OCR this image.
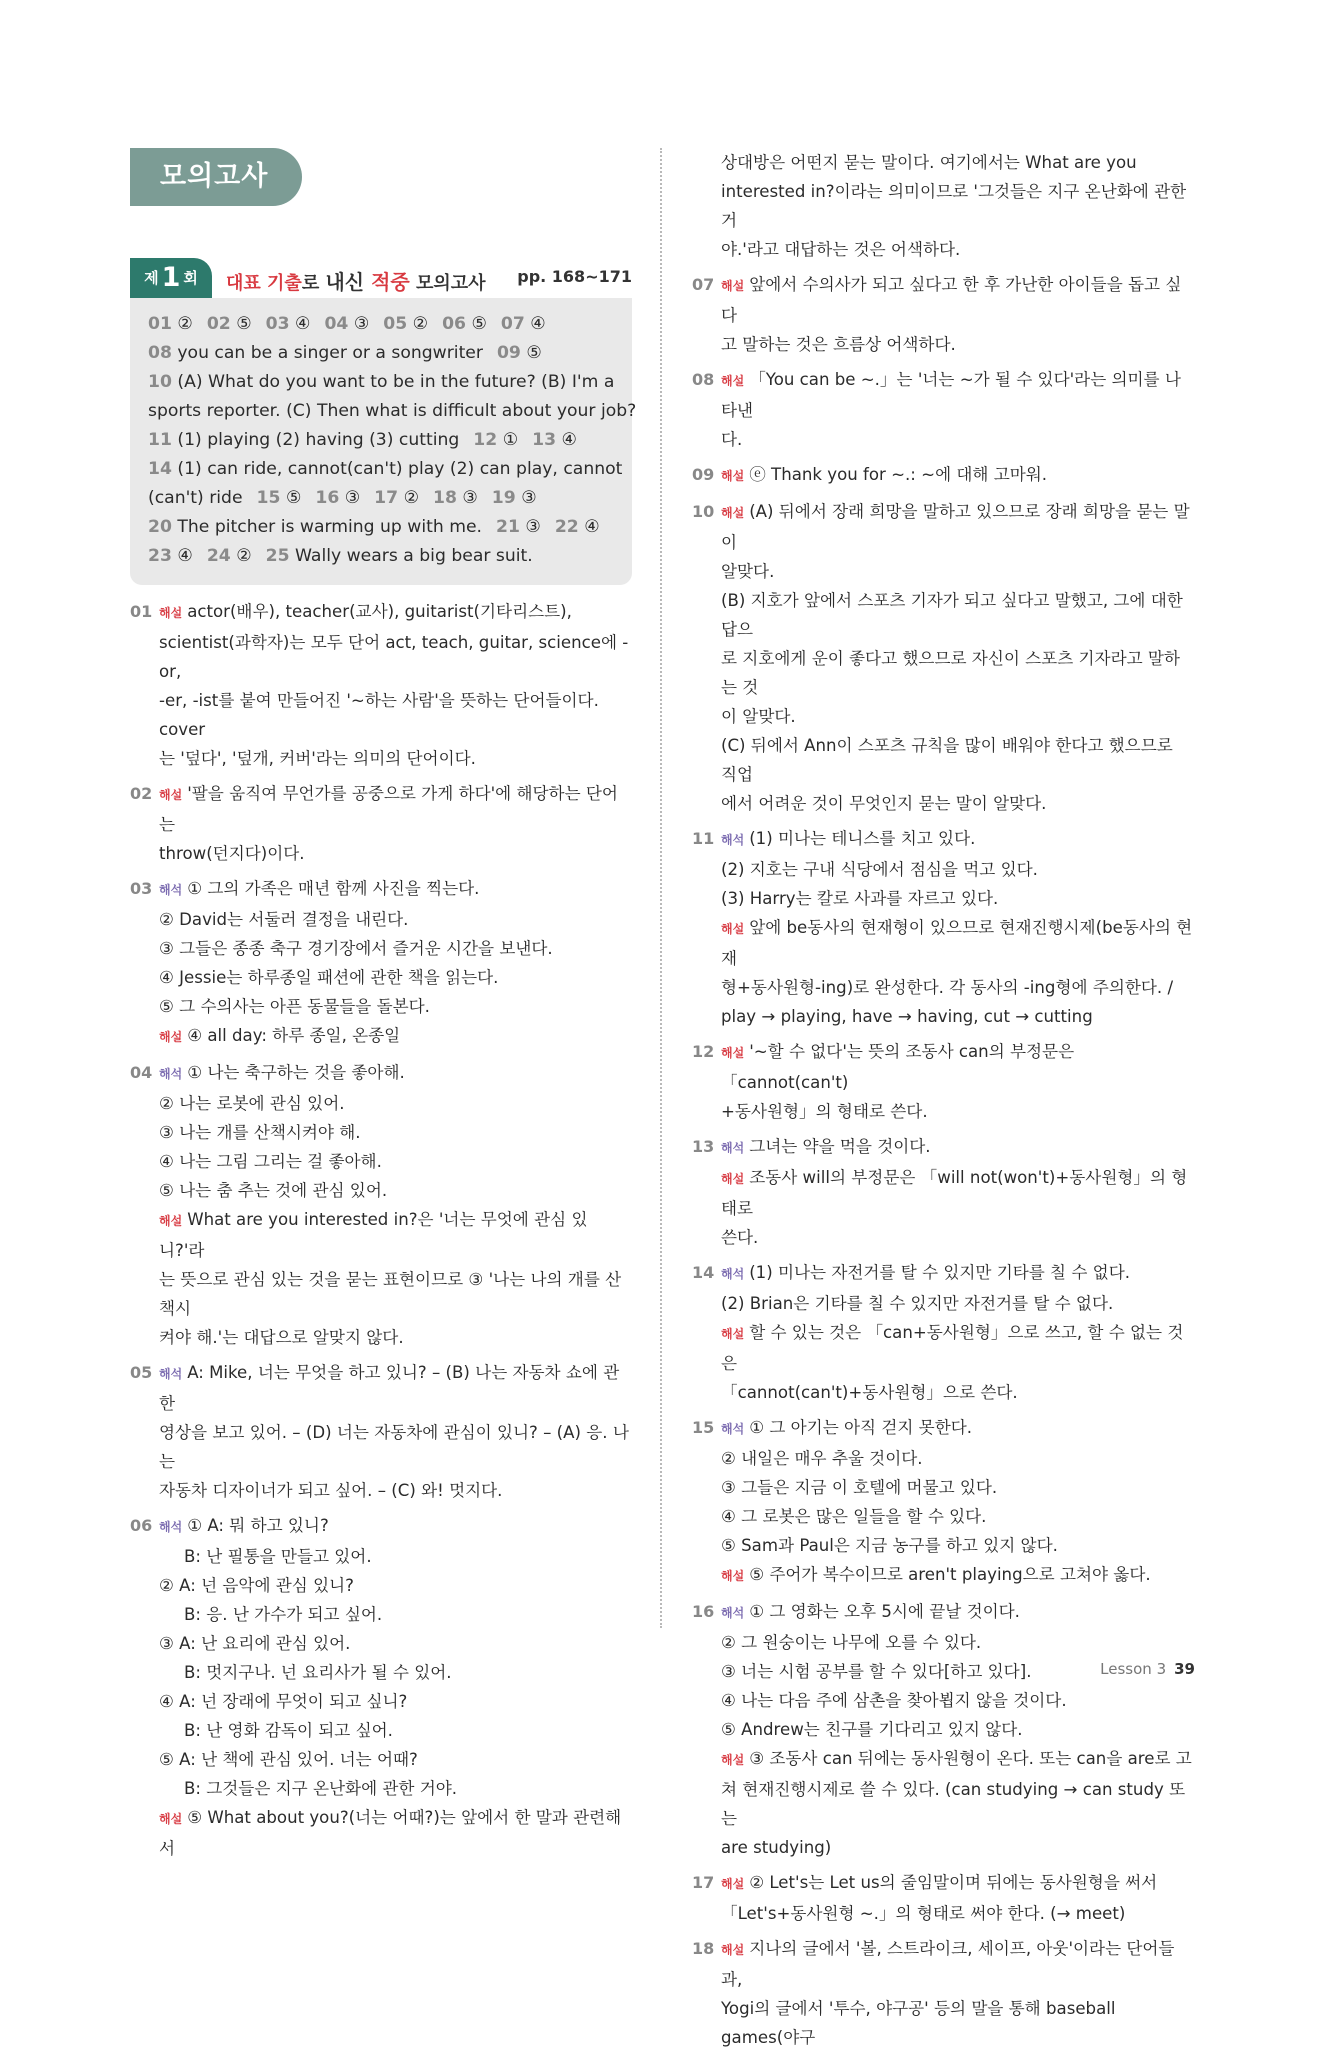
모의고사
제 1 회	대표 기출로 내신 적중 모의고사 pp. 168~171
01 ② 02 ⑤ 03 ④ 04 ③ 05 ② 06 ⑤ 07 ④
08 you can be a singer or a songwriter 09 ⑤
10 (A) What do you want to be in the future? (B) I'm a
sports reporter. (C) Then what is difficult about your job?
11 (1) playing (2) having (3) cutting 12 ① 13 ④
14 (1) can ride, cannot(can't) play (2) can play, cannot
(can't) ride 15 ⑤ 16 ③ 17 ② 18 ③ 19 ③
20 The pitcher is warming up with me. 21 ③ 22 ④
23 ④ 24 ② 25 Wally wears a big bear suit.
01 해설 actor(배우), teacher(교사), guitarist(기타리스트),
scientist(과학자)는 모두 단어 act, teach, guitar, science에 -or,
-er, -ist를 붙여 만들어진 '~하는 사람'을 뜻하는 단어들이다. cover
는 '덮다', '덮개, 커버'라는 의미의 단어이다.
02 해설 '팔을 움직여 무언가를 공중으로 가게 하다'에 해당하는 단어는
throw(던지다)이다.
03 해석 ① 그의 가족은 매년 함께 사진을 찍는다.
② David는 서둘러 결정을 내린다.
③ 그들은 종종 축구 경기장에서 즐거운 시간을 보낸다.
④ Jessie는 하루종일 패션에 관한 책을 읽는다.
⑤ 그 수의사는 아픈 동물들을 돌본다.
해설 ④ all day: 하루 종일, 온종일
04 해석 ① 나는 축구하는 것을 좋아해.
② 나는 로봇에 관심 있어.
③ 나는 개를 산책시켜야 해.
④ 나는 그림 그리는 걸 좋아해.
⑤ 나는 춤 추는 것에 관심 있어.
해설 What are you interested in?은 '너는 무엇에 관심 있니?'라
는 뜻으로 관심 있는 것을 묻는 표현이므로 ③ '나는 나의 개를 산책시
켜야 해.'는 대답으로 알맞지 않다.
05 해석 A: Mike, 너는 무엇을 하고 있니? – (B) 나는 자동차 쇼에 관한
영상을 보고 있어. – (D) 너는 자동차에 관심이 있니? – (A) 응. 나는
자동차 디자이너가 되고 싶어. – (C) 와! 멋지다.
06 해석 ① A: 뭐 하고 있니?
B: 난 필통을 만들고 있어.
② A: 넌 음악에 관심 있니?
B: 응. 난 가수가 되고 싶어.
③ A: 난 요리에 관심 있어.
B: 멋지구나. 넌 요리사가 될 수 있어.
④ A: 넌 장래에 무엇이 되고 싶니?
B: 난 영화 감독이 되고 싶어.
⑤ A: 난 책에 관심 있어. 너는 어때?
B: 그것들은 지구 온난화에 관한 거야.
해설 ⑤ What about you?(너는 어때?)는 앞에서 한 말과 관련해서
상대방은 어떤지 묻는 말이다. 여기에서는 What are you
interested in?이라는 의미이므로 '그것들은 지구 온난화에 관한 거
야.'라고 대답하는 것은 어색하다.
07 해설 앞에서 수의사가 되고 싶다고 한 후 가난한 아이들을 돕고 싶다
고 말하는 것은 흐름상 어색하다.
08 해설 「You can be ~.」는 '너는 ~가 될 수 있다'라는 의미를 나타낸
다.
09 해설 ⓔ Thank you for ~.: ~에 대해 고마워.
10 해설 (A) 뒤에서 장래 희망을 말하고 있으므로 장래 희망을 묻는 말이
알맞다.
(B) 지호가 앞에서 스포츠 기자가 되고 싶다고 말했고, 그에 대한 답으
로 지호에게 운이 좋다고 했으므로 자신이 스포츠 기자라고 말하는 것
이 알맞다.
(C) 뒤에서 Ann이 스포츠 규칙을 많이 배워야 한다고 했으므로 직업
에서 어려운 것이 무엇인지 묻는 말이 알맞다.
11 해석 (1) 미나는 테니스를 치고 있다.
(2) 지호는 구내 식당에서 점심을 먹고 있다.
(3) Harry는 칼로 사과를 자르고 있다.
해설 앞에 be동사의 현재형이 있으므로 현재진행시제(be동사의 현재
형+동사원형-ing)로 완성한다. 각 동사의 -ing형에 주의한다. /
play → playing, have → having, cut → cutting
12 해설 '~할 수 없다'는 뜻의 조동사 can의 부정문은 「cannot(can't)
+동사원형」의 형태로 쓴다.
13 해석 그녀는 약을 먹을 것이다.
해설 조동사 will의 부정문은 「will not(won't)+동사원형」의 형태로
쓴다.
14 해석 (1) 미나는 자전거를 탈 수 있지만 기타를 칠 수 없다.
(2) Brian은 기타를 칠 수 있지만 자전거를 탈 수 없다.
해설 할 수 있는 것은 「can+동사원형」으로 쓰고, 할 수 없는 것은
「cannot(can't)+동사원형」으로 쓴다.
15 해석 ① 그 아기는 아직 걷지 못한다.
② 내일은 매우 추울 것이다.
③ 그들은 지금 이 호텔에 머물고 있다.
④ 그 로봇은 많은 일들을 할 수 있다.
⑤ Sam과 Paul은 지금 농구를 하고 있지 않다.
해설 ⑤ 주어가 복수이므로 aren't playing으로 고쳐야 옳다.
16 해석 ① 그 영화는 오후 5시에 끝날 것이다.
② 그 원숭이는 나무에 오를 수 있다.
③ 너는 시험 공부를 할 수 있다[하고 있다].
④ 나는 다음 주에 삼촌을 찾아뵙지 않을 것이다.
⑤ Andrew는 친구를 기다리고 있지 않다.
해설 ③ 조동사 can 뒤에는 동사원형이 온다. 또는 can을 are로 고
쳐 현재진행시제로 쓸 수 있다. (can studying → can study 또는
are studying)
17 해설 ② Let's는 Let us의 줄임말이며 뒤에는 동사원형을 써서
「Let's+동사원형 ~.」의 형태로 써야 한다. (→ meet)
18 해설 지나의 글에서 '볼, 스트라이크, 세이프, 아웃'이라는 단어들과,
Yogi의 글에서 '투수, 야구공' 등의 말을 통해 baseball games(야구
Lesson 3 39
